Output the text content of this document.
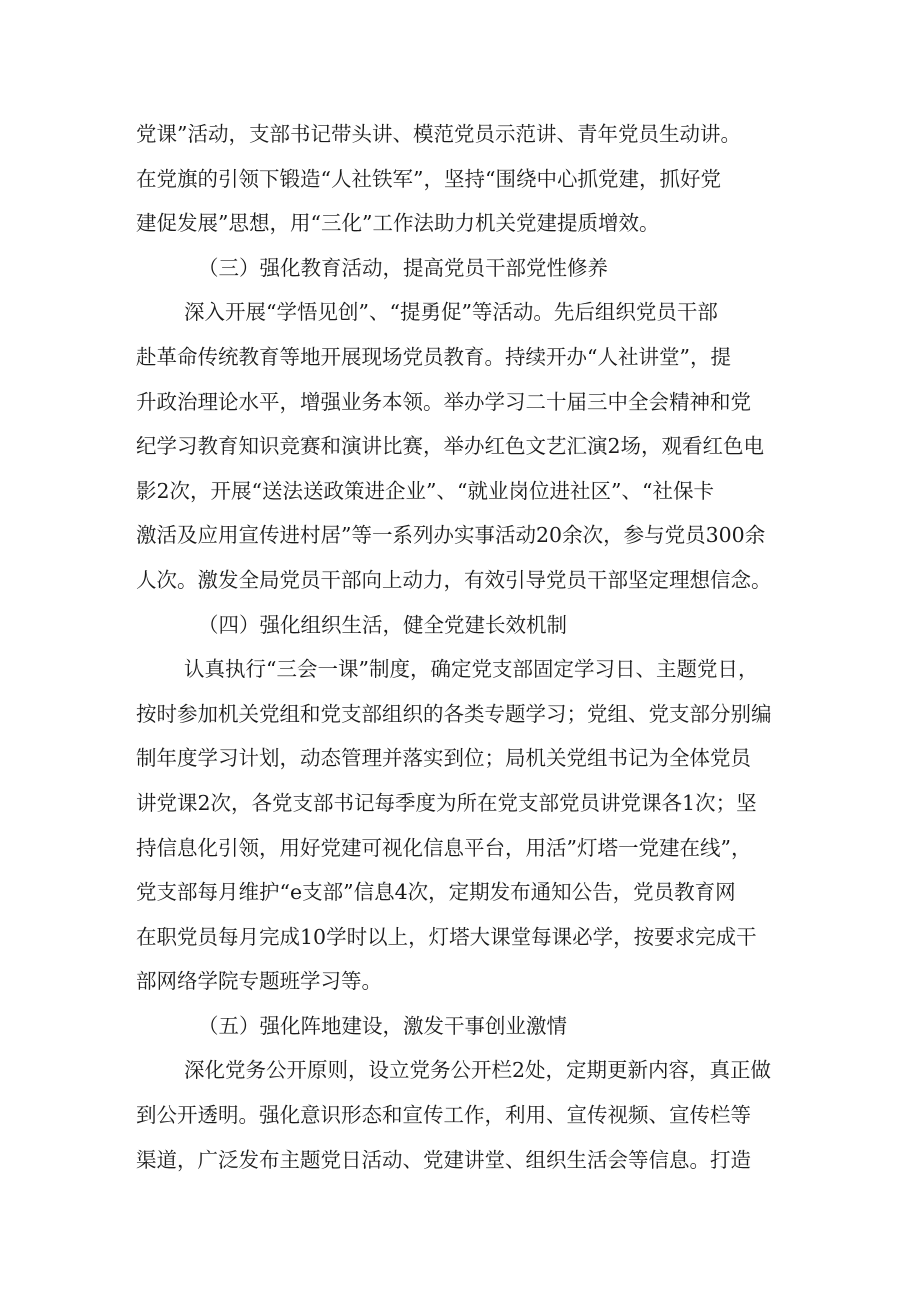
党课”活动，支部书记带头讲、模范党员示范讲、青年党员生动讲。
在党旗的引领下锻造“人社铁军”，坚持“围绕中心抓党建，抓好党
建促发展”思想，用“三化”工作法助力机关党建提质增效。
（三）强化教育活动，提高党员干部党性修养
深入开展“学悟见创”、“提勇促”等活动。先后组织党员干部
赴革命传统教育等地开展现场党员教育。持续开办“人社讲堂”，提
升政治理论水平，增强业务本领。举办学习二十届三中全会精神和党
纪学习教育知识竞赛和演讲比赛，举办红色文艺汇演2场，观看红色电
影2次，开展“送法送政策进企业”、“就业岗位进社区”、“社保卡
激活及应用宣传进村居”等一系列办实事活动20余次，参与党员300余
人次。激发全局党员干部向上动力，有效引导党员干部坚定理想信念。
（四）强化组织生活，健全党建长效机制
认真执行“三会一课”制度，确定党支部固定学习日、主题党日，
按时参加机关党组和党支部组织的各类专题学习；党组、党支部分别编
制年度学习计划，动态管理并落实到位；局机关党组书记为全体党员
讲党课2次，各党支部书记每季度为所在党支部党员讲党课各1次；坚
持信息化引领，用好党建可视化信息平台，用活”灯塔一党建在线”，
党支部每月维护“e支部”信息4次，定期发布通知公告，党员教育网
在职党员每月完成10学时以上，灯塔大课堂每课必学，按要求完成干
部网络学院专题班学习等。
（五）强化阵地建设，激发干事创业激情
深化党务公开原则，设立党务公开栏2处，定期更新内容，真正做
到公开透明。强化意识形态和宣传工作，利用、宣传视频、宣传栏等
渠道，广泛发布主题党日活动、党建讲堂、组织生活会等信息。打造
